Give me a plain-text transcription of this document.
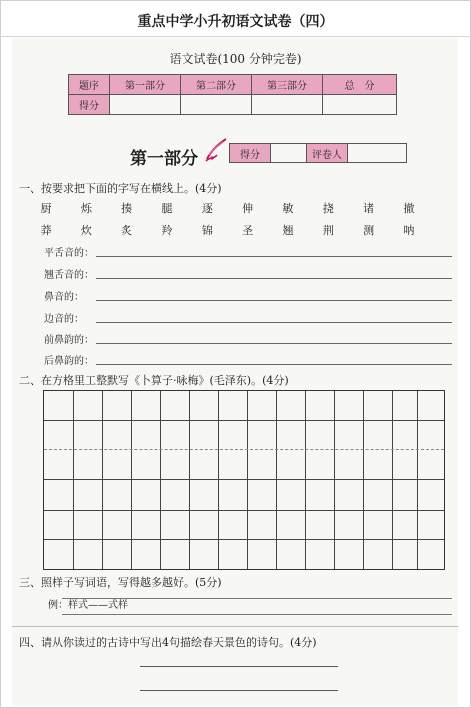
重点中学小升初语文试卷（四）
语文试卷(100 分钟完卷)
题序	第一部分	第二部分	第三部分	总　分
得分				
第一部分	得分		评卷人	
一、按要求把下面的字写在横线上。(4分)
厨	烁	揍	腿	逐	伸	敏	挠	诸	撤
莽	炊	炙	羚	锦	圣	翘	荆	测	呐
平舌音的：
翘舌音的：
鼻音的：
边音的：
前鼻韵的：
后鼻韵的：
二、在方格里工整默写《卜算子·咏梅》(毛泽东)。(4分)
三、照样子写词语，写得越多越好。(5分)
例：样式——式样
四、请从你读过的古诗中写出4句描绘春天景色的诗句。(4分)
